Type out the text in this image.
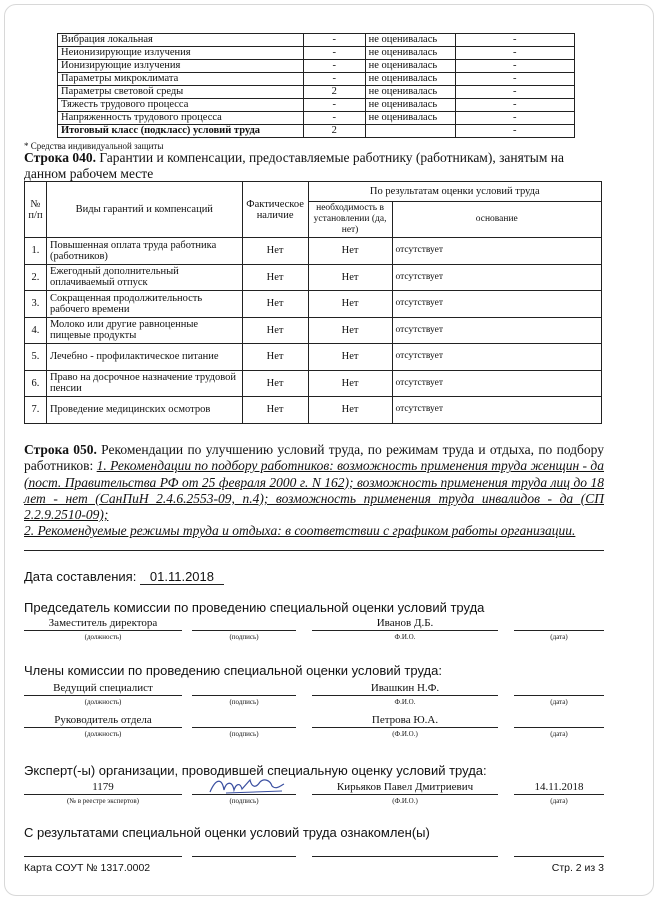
Вибрация локальная	-	не оценивалась	-
Неионизирующие излучения	-	не оценивалась	-
Ионизирующие излучения	-	не оценивалась	-
Параметры микроклимата	-	не оценивалась	-
Параметры световой среды	2	не оценивалась	-
Тяжесть трудового процесса	-	не оценивалась	-
Напряженность трудового процесса	-	не оценивалась	-
Итоговый класс (подкласс) условий труда	2		-
* Средства индивидуальной защиты
Строка 040. Гарантии и компенсации, предоставляемые работнику (работникам), занятым на данном рабочем месте
№ п/п	Виды гарантий и компенсаций	Фактическое наличие	По результатам оценки условий труда	
			необходимость в установлении (да, нет)	основание
1.	Повышенная оплата труда работника (работников)	Нет	Нет	отсутствует
2.	Ежегодный дополнительный оплачиваемый отпуск	Нет	Нет	отсутствует
3.	Сокращенная продолжительность рабочего времени	Нет	Нет	отсутствует
4.	Молоко или другие равноценные пищевые продукты	Нет	Нет	отсутствует
5.	Лечебно - профилактическое питание	Нет	Нет	отсутствует
6.	Право на досрочное назначение трудовой пенсии	Нет	Нет	отсутствует
7.	Проведение медицинских осмотров	Нет	Нет	отсутствует
Строка 050. Рекомендации по улучшению условий труда, по режимам труда и отдыха, по подбору работников: 1. Рекомендации по подбору работников: возможность применения труда женщин - да (пост. Правительства РФ от 25 февраля 2000 г. N 162); возможность применения труда лиц до 18 лет - нет (СанПиН 2.4.6.2553-09, п.4); возможность применения труда инвалидов - да (СП 2.2.9.2510-09);
2. Рекомендуемые режимы труда и отдыха: в соответствии с графиком работы организации.
Дата составления: 01.11.2018
Председатель комиссии по проведению специальной оценки условий труда
Заместитель директора	Иванов Д.Б.
(должность)	(подпись)	Ф.И.О.	(дата)
Члены комиссии по проведению специальной оценки условий труда:
Ведущий специалист	Ивашкин Н.Ф.
(должность)	(подпись)	Ф.И.О.	(дата)
Руководитель отдела	Петрова Ю.А.
(должность)	(подпись)	(Ф.И.О.)	(дата)
Эксперт(-ы) организации, проводившей специальную оценку условий труда:
1179	Кирьяков Павел Дмитриевич	14.11.2018
(№ в реестре экспертов)	(подпись)	(Ф.И.О.)	(дата)
С результатами специальной оценки условий труда ознакомлен(ы)
Карта СОУТ № 1317.0002	Стр. 2 из 3
